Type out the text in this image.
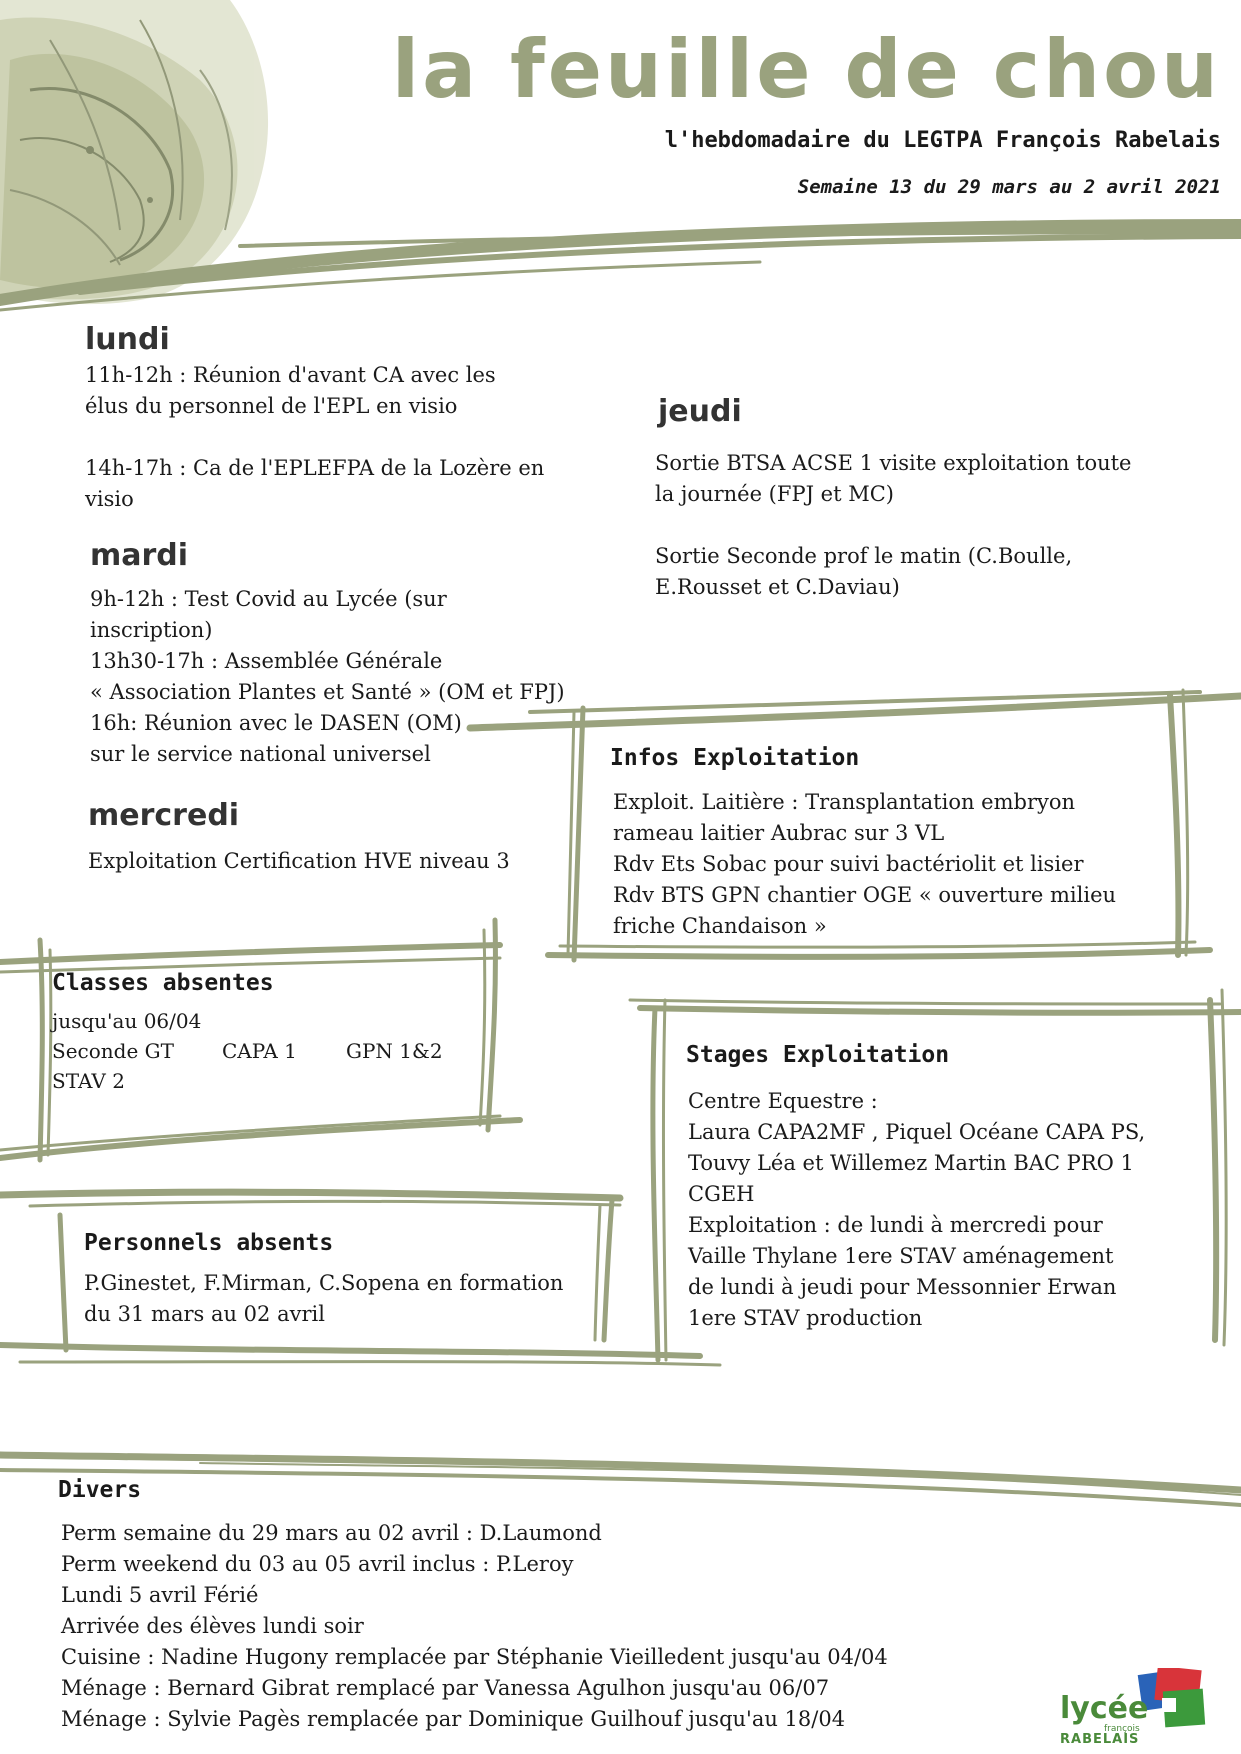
la feuille de chou
l'hebdomadaire du LEGTPA François Rabelais
Semaine 13 du 29 mars au 2 avril 2021
lundi

11h-12h : Réunion d'avant CA avec les

élus du personnel de l'EPL en visio

14h-17h : Ca de l'EPLEFPA de la Lozère en

visio

mardi

9h-12h : Test Covid au Lycée (sur

inscription)

13h30-17h : Assemblée Générale

« Association Plantes et Santé » (OM et FPJ)

16h: Réunion avec le DASEN (OM)

sur le service national universel

mercredi

Exploitation Certification HVE niveau 3

jeudi

Sortie BTSA ACSE 1 visite exploitation toute

la journée (FPJ et MC)

Sortie Seconde prof le matin (C.Boulle,

E.Rousset et C.Daviau)

Infos Exploitation

Exploit. Laitière : Transplantation embryon

rameau laitier Aubrac sur 3 VL

Rdv Ets Sobac pour suivi bactériolit et lisier

Rdv BTS GPN chantier OGE « ouverture milieu

friche Chandaison »

Classes absentes

jusqu'au 06/04

Seconde GT CAPA 1 GPN 1&2

STAV 2

Stages Exploitation

Centre Equestre :

Laura CAPA2MF , Piquel Océane CAPA PS,

Touvy Léa et Willemez Martin BAC PRO 1

CGEH

Exploitation : de lundi à mercredi pour

Vaille Thylane 1ere STAV aménagement

de lundi à jeudi pour Messonnier Erwan

1ere STAV production

Personnels absents

P.Ginestet, F.Mirman, C.Sopena en formation

du 31 mars au 02 avril

Divers

Perm semaine du 29 mars au 02 avril : D.Laumond

Perm weekend du 03 au 05 avril inclus : P.Leroy

Lundi 5 avril Férié

Arrivée des élèves lundi soir

Cuisine : Nadine Hugony remplacée par Stéphanie Vieilledent jusqu'au 04/04

Ménage : Bernard Gibrat remplacé par Vanessa Agulhon jusqu'au 06/07

Ménage : Sylvie Pagès remplacée par Dominique Guilhouf jusqu'au 18/04	lycée
françois
RABELAIS
